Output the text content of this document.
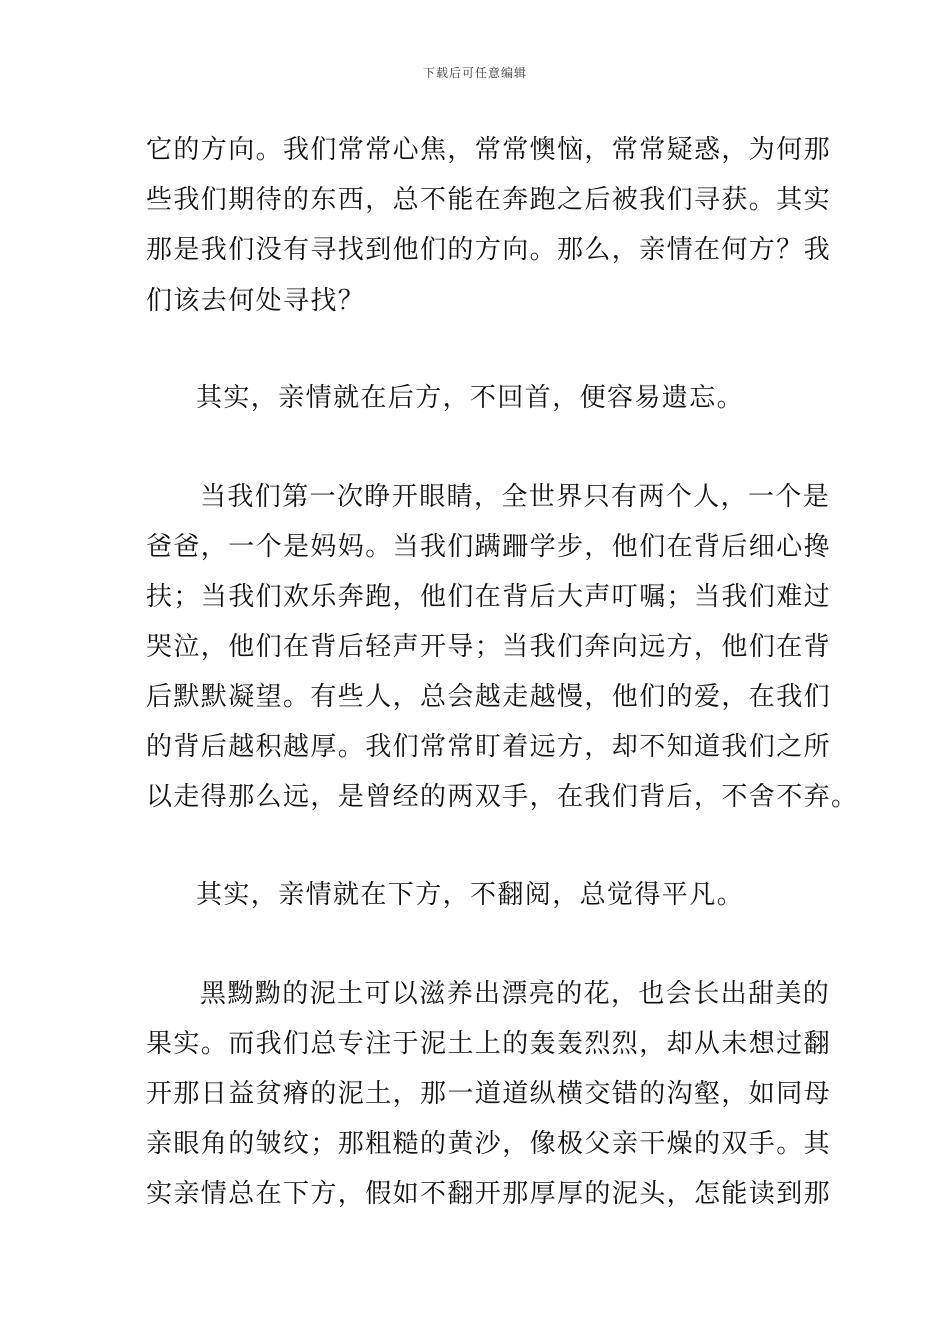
下载后可任意编辑
它的方向。我们常常心焦，常常懊恼，常常疑惑，为何那
些我们期待的东西，总不能在奔跑之后被我们寻获。其实
那是我们没有寻找到他们的方向。那么，亲情在何方？我
们该去何处寻找？
其实，亲情就在后方，不回首，便容易遗忘。
当我们第一次睁开眼睛，全世界只有两个人，一个是
爸爸，一个是妈妈。当我们蹒跚学步，他们在背后细心搀
扶；当我们欢乐奔跑，他们在背后大声叮嘱；当我们难过
哭泣，他们在背后轻声开导；当我们奔向远方，他们在背
后默默凝望。有些人，总会越走越慢，他们的爱，在我们
的背后越积越厚。我们常常盯着远方，却不知道我们之所
以走得那么远，是曾经的两双手，在我们背后，不舍不弃。
其实，亲情就在下方，不翻阅，总觉得平凡。
黑黝黝的泥土可以滋养出漂亮的花，也会长出甜美的
果实。而我们总专注于泥土上的轰轰烈烈，却从未想过翻
开那日益贫瘠的泥土，那一道道纵横交错的沟壑，如同母
亲眼角的皱纹；那粗糙的黄沙，像极父亲干燥的双手。其
实亲情总在下方，假如不翻开那厚厚的泥头，怎能读到那
